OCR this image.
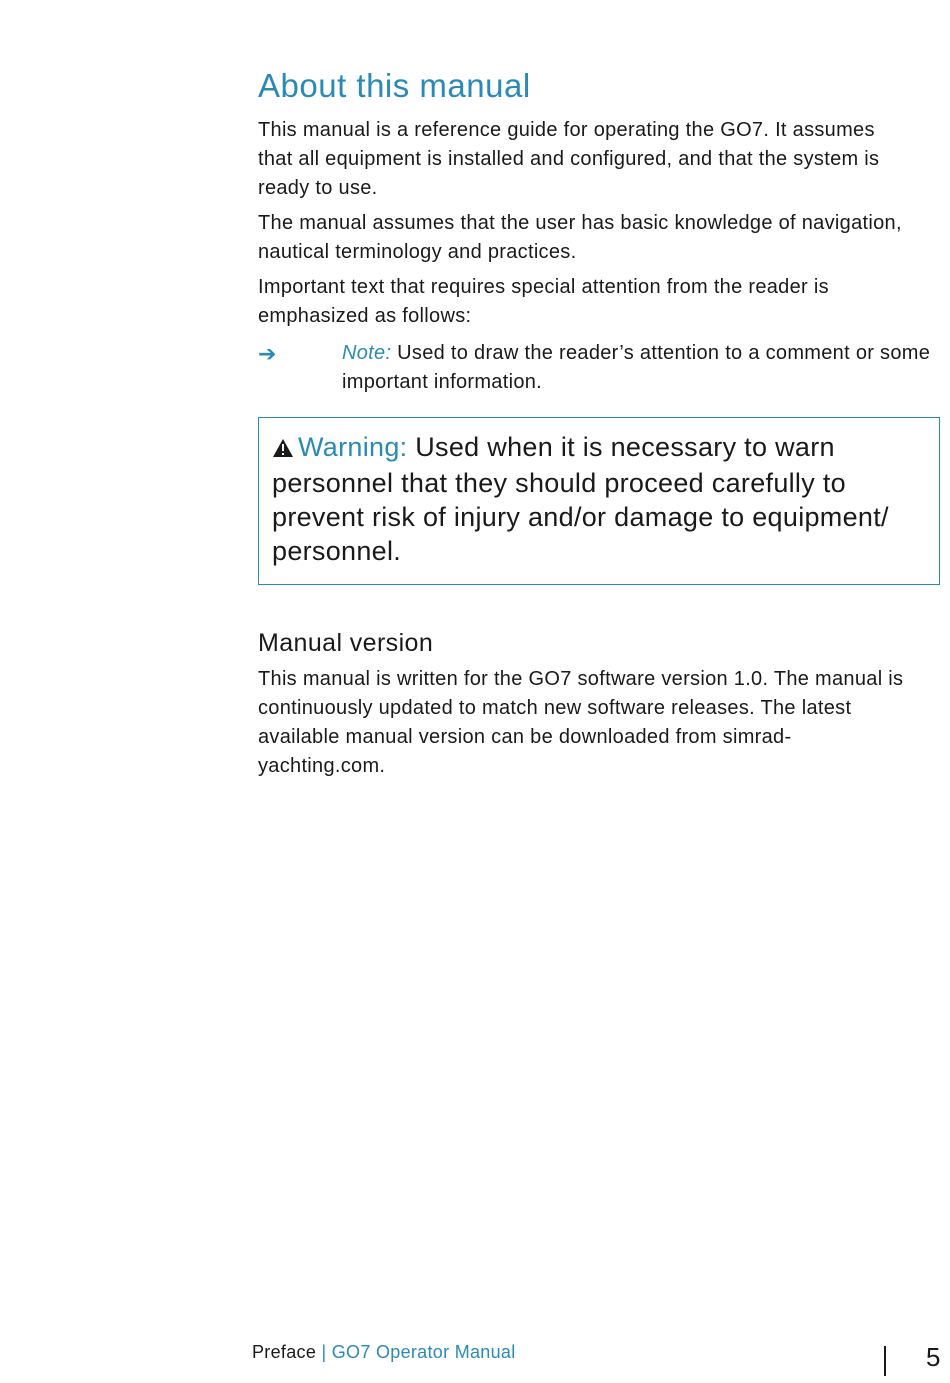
About this manual

This manual is a reference guide for operating the GO7. It assumes that all equipment is installed and configured, and that the system is ready to use.

The manual assumes that the user has basic knowledge of navigation, nautical terminology and practices.

Important text that requires special attention from the reader is emphasized as follows:

➔	Note: Used to draw the reader’s attention to a comment or some important information.
Warning: Used when it is necessary to warn personnel that they should proceed carefully to prevent risk of injury and/or damage to equipment/ personnel.
Manual version

This manual is written for the GO7 software version 1.0. The manual is continuously updated to match new software releases. The latest available manual version can be downloaded from simrad-yachting.com.

Preface | GO7 Operator Manual	5
